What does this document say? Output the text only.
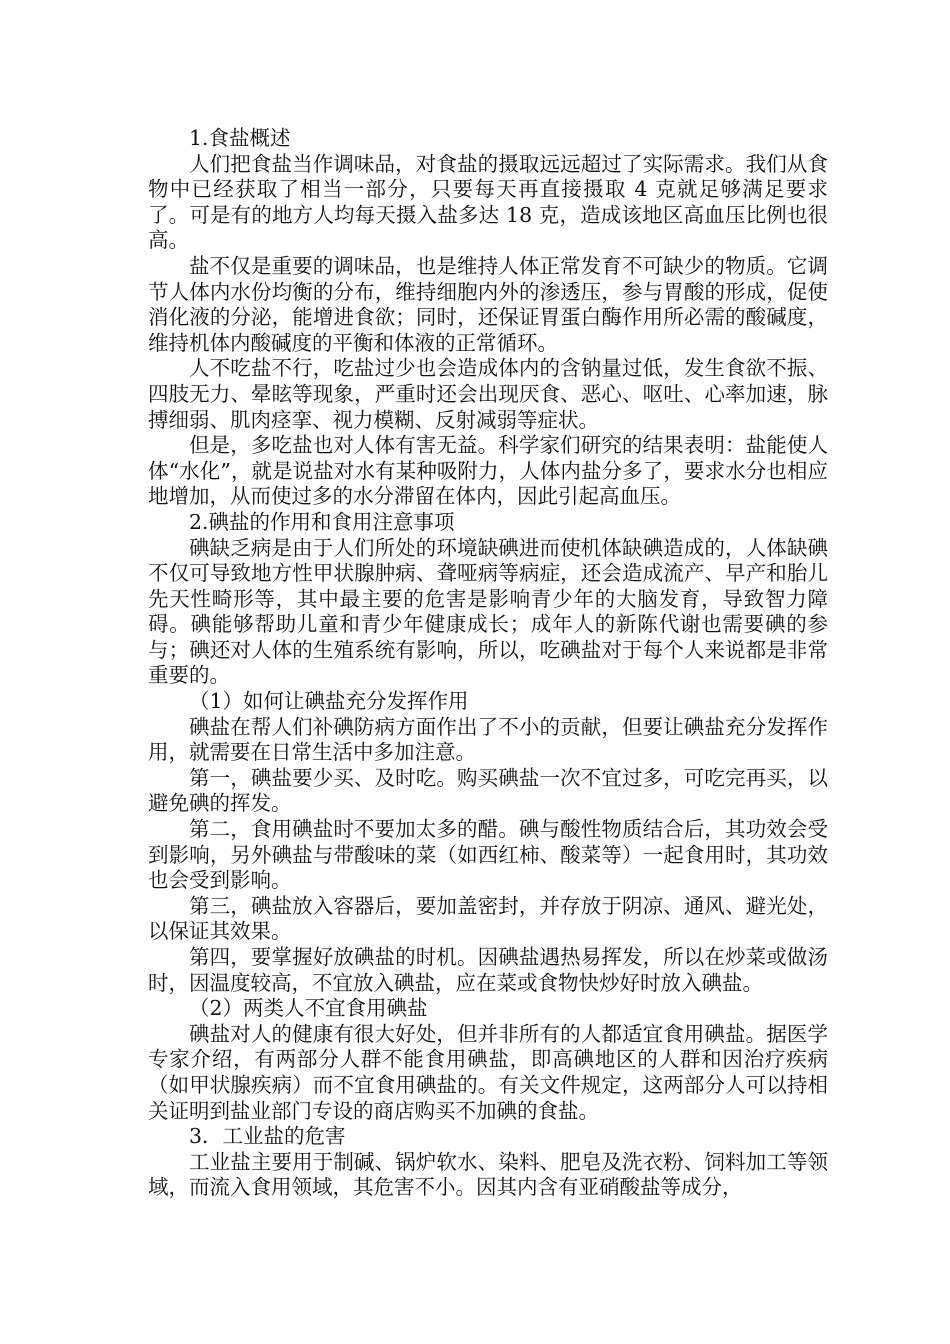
1.食盐概述

人们把食盐当作调味品，对食盐的摄取远远超过了实际需求。我们从食物中已经获取了相当一部分，只要每天再直接摄取 4 克就足够满足要求了。可是有的地方人均每天摄入盐多达 18 克，造成该地区高血压比例也很高。

盐不仅是重要的调味品，也是维持人体正常发育不可缺少的物质。它调节人体内水份均衡的分布，维持细胞内外的渗透压，参与胃酸的形成，促使消化液的分泌，能增进食欲；同时，还保证胃蛋白酶作用所必需的酸碱度，维持机体内酸碱度的平衡和体液的正常循环。

人不吃盐不行，吃盐过少也会造成体内的含钠量过低，发生食欲不振、四肢无力、晕眩等现象，严重时还会出现厌食、恶心、呕吐、心率加速，脉搏细弱、肌肉痉挛、视力模糊、反射减弱等症状。

但是，多吃盐也对人体有害无益。科学家们研究的结果表明：盐能使人体“水化”，就是说盐对水有某种吸附力，人体内盐分多了，要求水分也相应地增加，从而使过多的水分滞留在体内，因此引起高血压。

2.碘盐的作用和食用注意事项

碘缺乏病是由于人们所处的环境缺碘进而使机体缺碘造成的，人体缺碘不仅可导致地方性甲状腺肿病、聋哑病等病症，还会造成流产、早产和胎儿先天性畸形等，其中最主要的危害是影响青少年的大脑发育，导致智力障碍。碘能够帮助儿童和青少年健康成长；成年人的新陈代谢也需要碘的参与；碘还对人体的生殖系统有影响，所以，吃碘盐对于每个人来说都是非常重要的。

（1）如何让碘盐充分发挥作用

碘盐在帮人们补碘防病方面作出了不小的贡献，但要让碘盐充分发挥作用，就需要在日常生活中多加注意。

第一，碘盐要少买、及时吃。购买碘盐一次不宜过多，可吃完再买，以避免碘的挥发。

第二，食用碘盐时不要加太多的醋。碘与酸性物质结合后，其功效会受到影响，另外碘盐与带酸味的菜（如西红柿、酸菜等）一起食用时，其功效也会受到影响。

第三，碘盐放入容器后，要加盖密封，并存放于阴凉、通风、避光处，以保证其效果。

第四，要掌握好放碘盐的时机。因碘盐遇热易挥发，所以在炒菜或做汤时，因温度较高，不宜放入碘盐，应在菜或食物快炒好时放入碘盐。

（2）两类人不宜食用碘盐

碘盐对人的健康有很大好处，但并非所有的人都适宜食用碘盐。据医学专家介绍，有两部分人群不能食用碘盐，即高碘地区的人群和因治疗疾病（如甲状腺疾病）而不宜食用碘盐的。有关文件规定，这两部分人可以持相关证明到盐业部门专设的商店购买不加碘的食盐。

3．工业盐的危害

工业盐主要用于制碱、锅炉软水、染料、肥皂及洗衣粉、饲料加工等领域，而流入食用领域，其危害不小。因其内含有亚硝酸盐等成分，
